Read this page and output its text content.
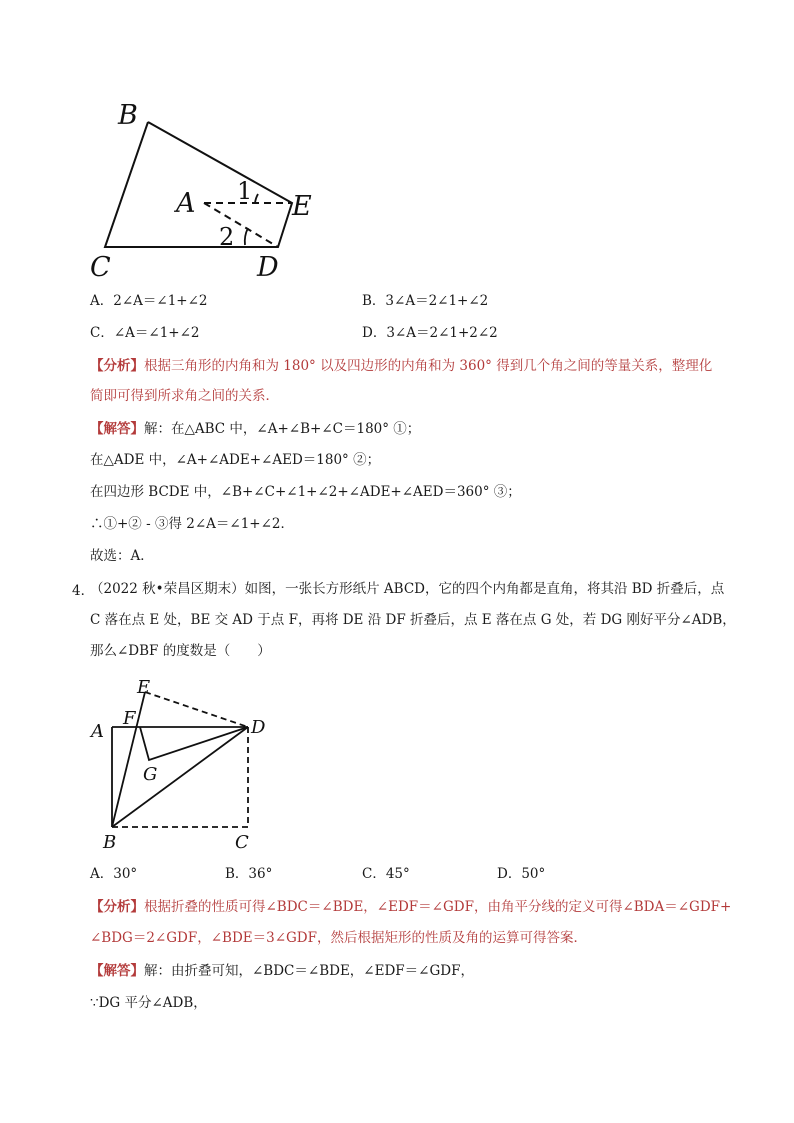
B
A	E
C	D
1
2
A．2∠A＝∠1+∠2	B．3∠A＝2∠1+∠2
C．∠A＝∠1+∠2	D．3∠A＝2∠1+2∠2
【分析】根据三角形的内角和为 180° 以及四边形的内角和为 360° 得到几个角之间的等量关系，整理化
简即可得到所求角之间的关系．
【解答】解：在△ABC 中，∠A+∠B+∠C＝180° ①；
在△ADE 中，∠A+∠ADE+∠AED＝180° ②；
在四边形 BCDE 中，∠B+∠C+∠1+∠2+∠ADE+∠AED＝360° ③；
∴①+② - ③得 2∠A＝∠1+∠2．
故选：A．
4．
（2022 秋•荣昌区期末）如图，一张长方形纸片 ABCD，它的四个内角都是直角，将其沿 BD 折叠后，点
C 落在点 E 处，BE 交 AD 于点 F，再将 DE 沿 DF 折叠后，点 E 落在点 G 处，若 DG 刚好平分∠ADB，
那么∠DBF 的度数是（　　）
E
F
A	D
G
B	C
A．30°	B．36°	C．45°	D．50°
【分析】根据折叠的性质可得∠BDC＝∠BDE，∠EDF＝∠GDF，由角平分线的定义可得∠BDA＝∠GDF+
∠BDG＝2∠GDF，∠BDE＝3∠GDF，然后根据矩形的性质及角的运算可得答案．
【解答】解：由折叠可知，∠BDC＝∠BDE，∠EDF＝∠GDF，
∵DG 平分∠ADB，
